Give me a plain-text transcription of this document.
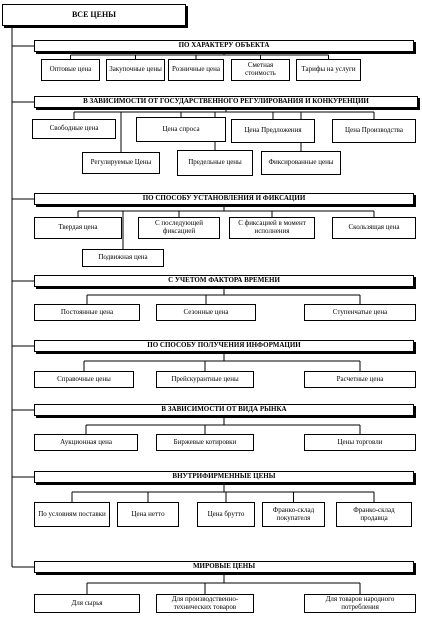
ВСЕ ЦЕНЫ
ПО ХАРАКТЕРУ ОБЪЕКТА
Оптовые цена	Закупочные цены	Розничные цена	Сметная стоимость	Тарифы на услуги
В ЗАВИСИМОСТИ ОТ ГОСУДАРСТВЕННОГО РЕГУЛИРОВАНИЯ И КОНКУРЕНЦИИ
Свободные цена	Цена спроса	Цена Предложения	Цена Производства
Регулируемые Цены	Предельные цены	Фиксированные цены
ПО СПОСОБУ УСТАНОВЛЕНИЯ И ФИКСАЦИИ
Твердая цена	С последующей фиксацией
С фиксацией в момент исполнения	Скользящая цена
Подвижная цена
С УЧЕТОМ ФАКТОРА ВРЕМЕНИ
Постоянные цена	Сезонные цена	Ступенчатые цена
ПО СПОСОБУ ПОЛУЧЕНИЯ ИНФОРМАЦИИ
Справочные цены	Прейскурантные цены	Расчетные цена
В ЗАВИСИМОСТИ ОТ ВИДА РЫНКА
Аукционная цена	Биржевые котировки	Цены торговли
ВНУТРИФИРМЕННЫЕ ЦЕНЫ
По условиям поставки	Цена нетто	Цена брутто	Франко-склад покупателя
Франко-склад продавца
МИРОВЫЕ ЦЕНЫ
Для сырья	Для производственно-технических товаров
Для товаров народного потребления
